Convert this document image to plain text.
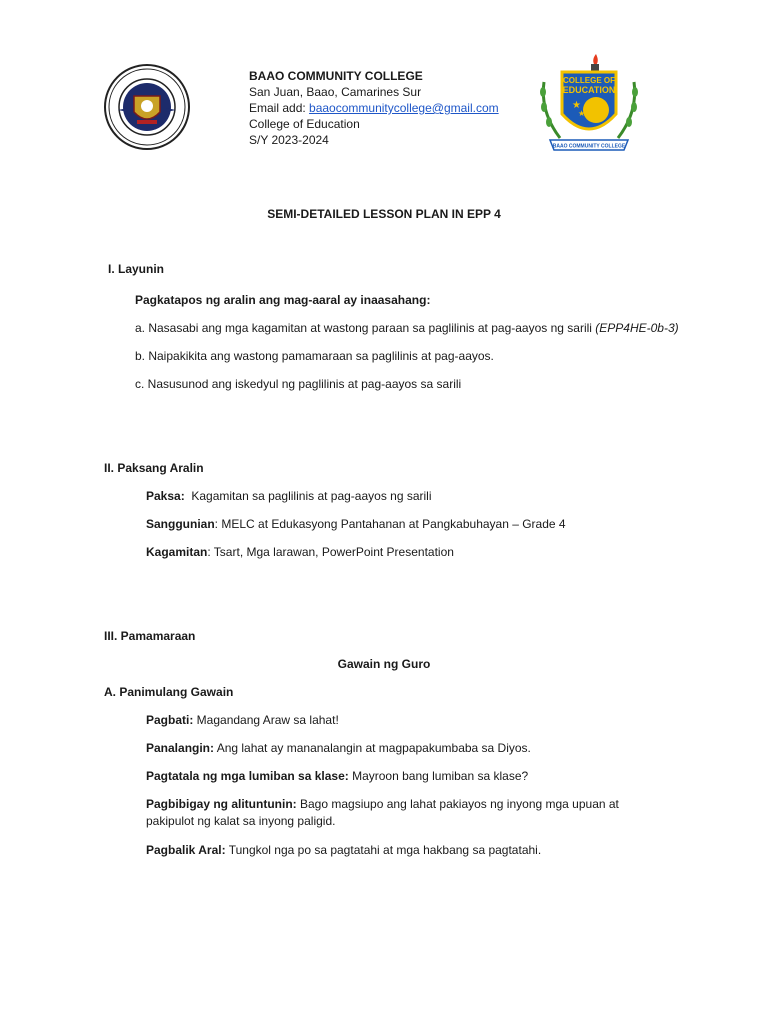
COLLEGE OF
EDUCATION
★
★
BAAO COMMUNITY COLLEGE
BAAO COMMUNITY COLLEGE
San Juan, Baao, Camarines Sur
Email add: baaocommunitycollege@gmail.com
College of Education
S/Y 2023-2024
SEMI-DETAILED LESSON PLAN IN EPP 4
I. Layunin
Pagkatapos ng aralin ang mag-aaral ay inaasahang:
a. Nasasabi ang mga kagamitan at wastong paraan sa paglilinis at pag-aayos ng sarili (EPP4HE-0b-3)
b. Naipakikita ang wastong pamamaraan sa paglilinis at pag-aayos.
c. Nasusunod ang iskedyul ng paglilinis at pag-aayos sa sarili
II. Paksang Aralin
Paksa:  Kagamitan sa paglilinis at pag-aayos ng sarili
Sanggunian: MELC at Edukasyong Pantahanan at Pangkabuhayan – Grade 4
Kagamitan: Tsart, Mga larawan, PowerPoint Presentation
III. Pamamaraan
Gawain ng Guro
A. Panimulang Gawain
Pagbati: Magandang Araw sa lahat!
Panalangin: Ang lahat ay mananalangin at magpapakumbaba sa Diyos.
Pagtatala ng mga lumiban sa klase: Mayroon bang lumiban sa klase?
Pagbibigay ng alituntunin: Bago magsiupo ang lahat pakiayos ng inyong mga upuan at pakipulot ng kalat sa inyong paligid.
Pagbalik Aral: Tungkol nga po sa pagtatahi at mga hakbang sa pagtatahi.
